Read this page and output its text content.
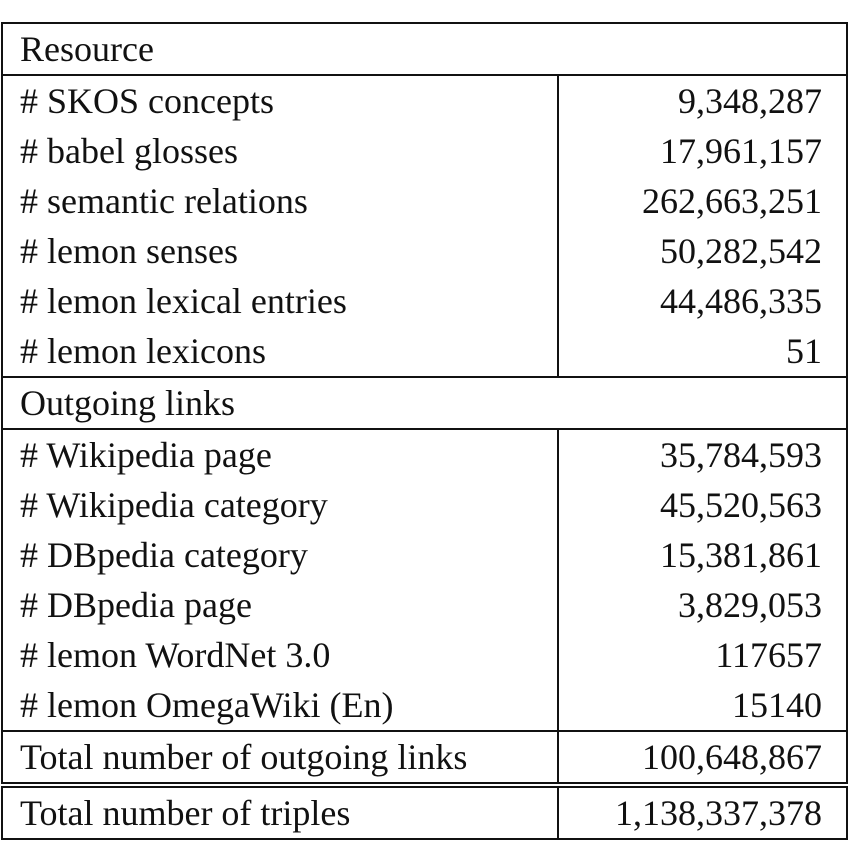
Resource
# SKOS concepts	9,348,287
# babel glosses	17,961,157
# semantic relations	262,663,251
# lemon senses	50,282,542
# lemon lexical entries	44,486,335
# lemon lexicons	51
Outgoing links
# Wikipedia page	35,784,593
# Wikipedia category	45,520,563
# DBpedia category	15,381,861
# DBpedia page	3,829,053
# lemon WordNet 3.0	117657
# lemon OmegaWiki (En)	15140
Total number of outgoing links	100,648,867
Total number of triples	1,138,337,378
